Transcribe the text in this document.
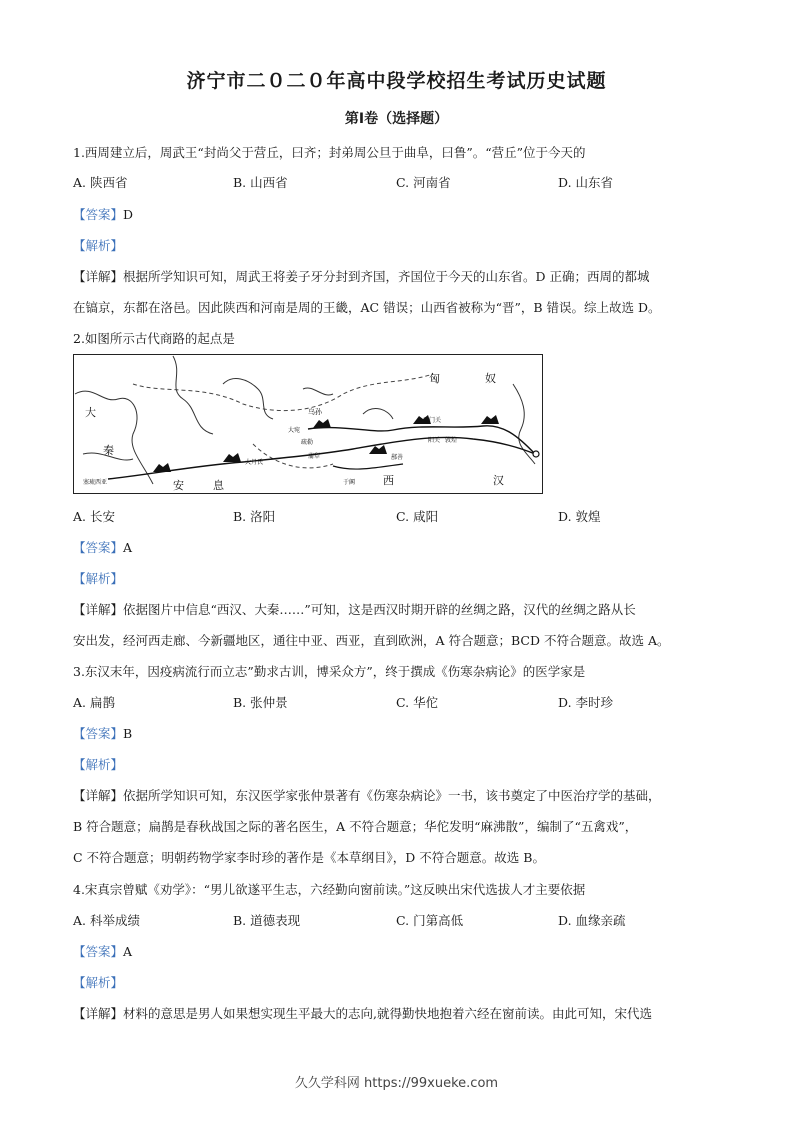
济宁市二０二０年高中段学校招生考试历史试题
第Ⅰ卷（选择题）
1.西周建立后，周武王“封尚父于营丘，曰齐；封弟周公旦于曲阜，曰鲁”。“营丘”位于今天的
A. 陕西省	B. 山西省	C. 河南省	D. 山东省
【答案】D
【解析】
【详解】根据所学知识可知，周武王将姜子牙分封到齐国，齐国位于今天的山东省。D 正确；西周的都城
在镐京，东都在洛邑。因此陕西和河南是周的王畿，AC 错误；山西省被称为“晋”，B 错误。综上故选 D。
2.如图所示古代商路的起点是
匈	奴
大
秦
安	息	西	汉
乌孙
大宛
疏勒
大月氏
于阗
鄯善
玉门关
阳关 敦煌
蒲犁
塞琉西亚
A. 长安	B. 洛阳	C. 咸阳	D. 敦煌
【答案】A
【解析】
【详解】依据图片中信息“西汉、大秦……”可知，这是西汉时期开辟的丝绸之路，汉代的丝绸之路从长
安出发，经河西走廊、今新疆地区，通往中亚、西亚，直到欧洲，A 符合题意；BCD 不符合题意。故选 A。
3.东汉末年，因疫病流行而立志”勤求古训，博采众方”，终于撰成《伤寒杂病论》的医学家是
A. 扁鹊	B. 张仲景	C. 华佗	D. 李时珍
【答案】B
【解析】
【详解】依据所学知识可知，东汉医学家张仲景著有《伤寒杂病论》一书，该书奠定了中医治疗学的基础，
B 符合题意；扁鹊是春秋战国之际的著名医生，A 不符合题意；华佗发明“麻沸散”，编制了“五禽戏”，
C 不符合题意；明朝药物学家李时珍的著作是《本草纲目》，D 不符合题意。故选 B。
4.宋真宗曾赋《劝学》：“男儿欲遂平生志，六经勤向窗前读。”这反映出宋代选拔人才主要依据
A. 科举成绩	B. 道德表现	C. 门第高低	D. 血缘亲疏
【答案】A
【解析】
【详解】材料的意思是男人如果想实现生平最大的志向,就得勤快地抱着六经在窗前读。由此可知，宋代选
久久学科网 https://99xueke.com
